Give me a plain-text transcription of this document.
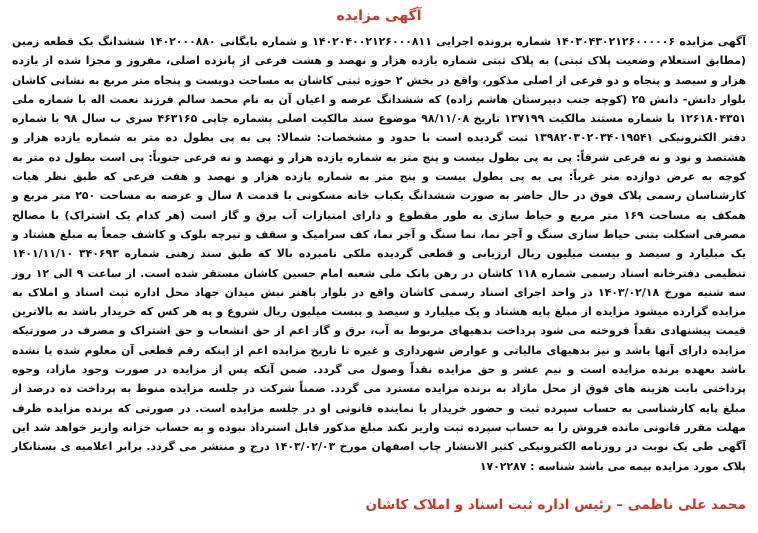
آگهی مزایده

آگهی مزایده ۱۴۰۳۰۴۳۰۲۱۲۶۰۰۰۰۰۶ شماره پرونده اجرایی ۱۴۰۲۰۴۰۰۲۱۲۶۰۰۰۸۱۱ و شماره بایگانی ۱۴۰۲۰۰۰۸۸۰ ششدانگ یک قطعه زمین (مطابق استعلام وضعیت پلاک ثبتی) به پلاک ثبتی شماره یازده هزار و نهصد و هشت فرعی از پانزده اصلی، مفروز و مجزا شده از یازده هزار و سیصد و پنجاه و دو فرعی از اصلی مذکور، واقع در بخش ۲ حوزه ثبتی کاشان به مساحت دویست و پنجاه متر مربع به نشانی کاشان بلوار دانش- دانش ۲۵ (کوچه جنب دبیرستان هاشم زاده) که ششدانگ عرصه و اعیان آن به نام محمد سالم فرزند نعمت اله با شماره ملی ۱۲۶۱۸۰۴۳۵۱ با شماره مستند مالکیت ۱۳۷۱۹۹ تاریخ ۹۸/۱۱/۰۸ موضوع سند مالکیت اصلی بشماره چاپی ۴۶۳۱۶۵ سری ب سال ۹۸ با شماره دفتر الکترونیکی ۱۳۹۸۲۰۳۰۲۰۳۴۰۱۹۵۴۱ ثبت گردیده است با حدود و مشخصات: شمالا: پی به پی بطول ده متر به شماره یازده هزار و هشتصد و نود و نه فرعی شرقاً: پی به پی بطول بیست و پنج متر به شماره یازده هزار و نهصد و نه فرعی جنوباً: پی است بطول ده متر به کوچه به عرض دوازده متر غرباً: پی به پی بطول بیست و پنج متر به شماره یازده هزار و نهصد و هفت فرعی که طبق نظر هیات کارشناسان رسمی پلاک فوق در حال حاضر به صورت ششدانگ یکباب خانه مسکونی با قدمت ۸ سال و عرصه به مساحت ۲۵۰ متر مربع و همکف به مساحت ۱۶۹ متر مربع و حیاط سازی به طور مقطوع و دارای امتیازات آب برق و گاز است (هر کدام یک اشتراک) با مصالح مصرفی اسکلت بتنی حیاط سازی سنگ و آجر نما، نما سنگ و آجر نما، کف سرامیک و سقف و تیرچه بلوک و کاشف جمعاً به مبلغ هشتاد و یک میلیارد و سیصد و بیست میلیون ریال ارزیابی و قطعی گردیده ملکی نامبرده بالا که طبق سند رهنی شماره ۳۴۰۶۹۳ ۱۴۰۱/۱۱/۱۰ تنظیمی دفترخانه اسناد رسمی شماره ۱۱۸ کاشان در رهن بانک ملی شعبه امام حسین کاشان مستقر شده است. از ساعت ۹ الی ۱۲ روز سه شنبه مورخ ۱۴۰۳/۰۲/۱۸ در واحد اجرای اسناد رسمی کاشان واقع در بلوار باهنر نبش میدان جهاد محل اداره ثبت اسناد و املاک به مزایده گزارده میشود مزایده از مبلغ پایه هشتاد و یک میلیارد و سیصد و بیست میلیون ریال شروع و به هر کس که خریدار باشد به بالاترین قیمت پیشنهادی نقداً فروخته می شود پرداخت بدهیهای مربوط به آب، برق و گاز اعم از حق انشعاب و حق اشتراک و مصرف در صورتیکه مزایده دارای آنها باشد و نیز بدهیهای مالیاتی و عوارض شهرداری و غیره تا تاریخ مزایده اعم از اینکه رقم قطعی آن معلوم شده یا نشده باشد بعهده برنده مزایده است و نیم عشر و حق مزایده نقداً وصول می گردد. ضمن آنکه پس از مزایده در صورت وجود مازاد، وجوه پرداختی بابت هزینه های فوق از محل مازاد به برنده مزایده مسترد می گردد. ضمناً شرکت در جلسه مزایده منوط به پرداخت ده درصد از مبلغ پایه کارشناسی به حساب سپرده ثبت و حضور خریدار یا نماینده قانونی او در جلسه مزایده است. در صورتی که برنده مزایده ظرف مهلت مقرر قانونی مانده فروش را به حساب سپرده ثبت واریز نکند مبلغ مذکور قابل استرداد نبوده و به حساب خزانه واریز خواهد شد این آگهی طی یک نوبت در روزنامه الکترونیکی کثیر الانتشار چاپ اصفهان مورخ ۱۴۰۳/۰۲/۰۳ درج و منتشر می گردد. برابر اعلامیه ی بستانکار پلاک مورد مزایده بیمه می باشد شناسه : ۱۷۰۲۲۸۷

محمد علی ناظمی – رئیس اداره ثبت اسناد و املاک کاشان
